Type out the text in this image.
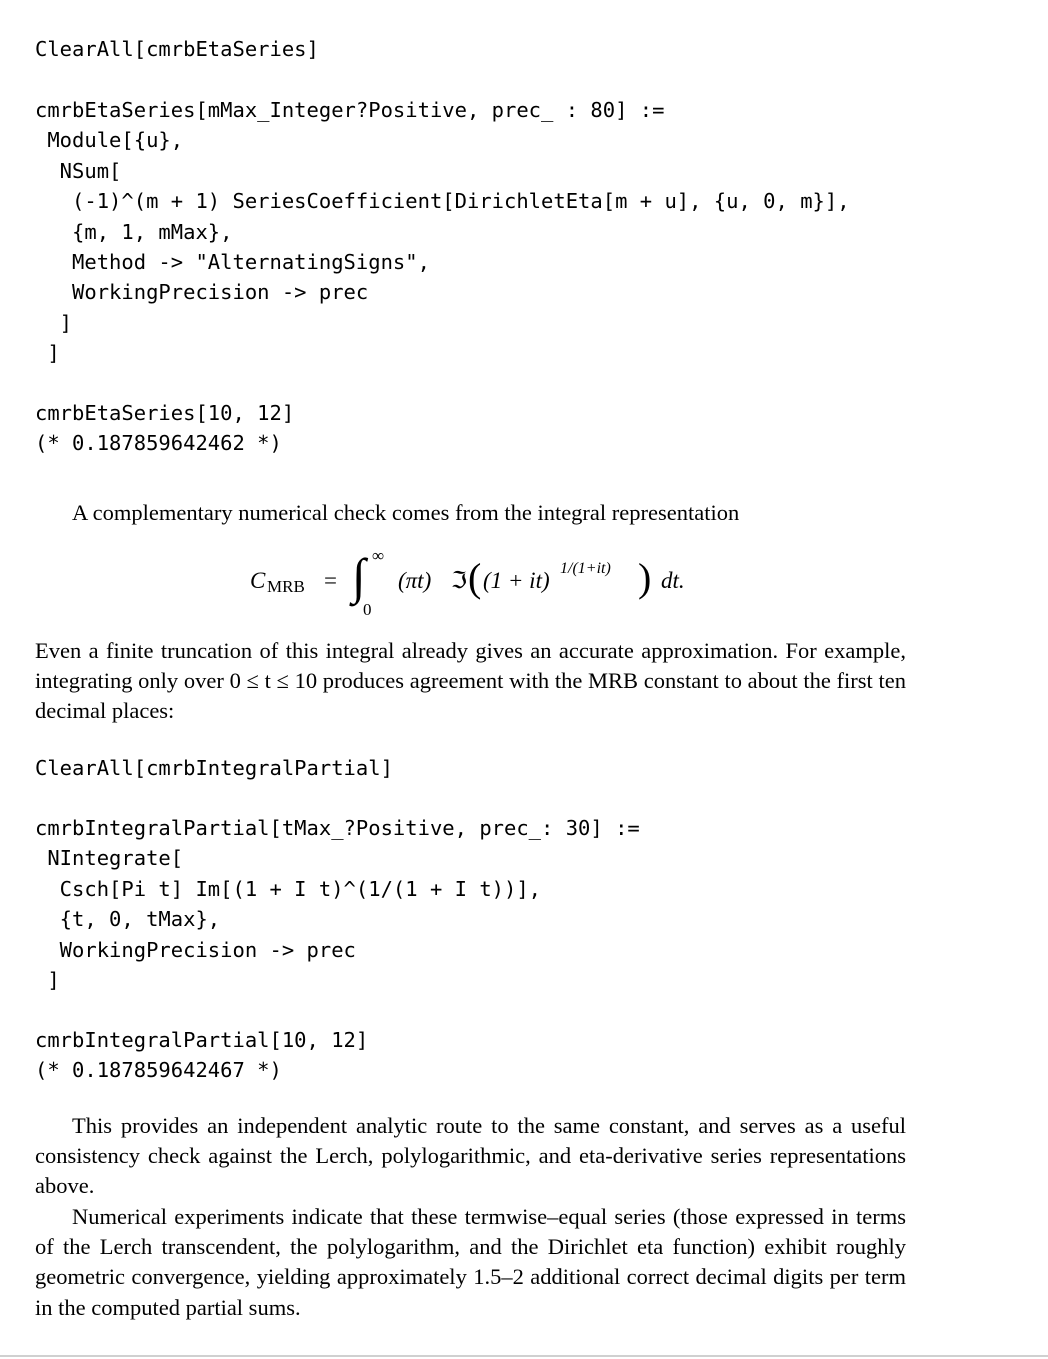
ClearAll[cmrbEtaSeries]
cmrbEtaSeries[mMax_Integer?Positive, prec_ : 80] :=
Module[{u},
NSum[
(-1)^(m + 1) SeriesCoefficient[DirichletEta[m + u], {u, 0, m}],
{m, 1, mMax},
Method -> "AlternatingSigns",
WorkingPrecision -> prec
]
]
cmrbEtaSeries[10, 12]
(* 0.187859642462 *)

A complementary numerical check comes from the integral representation

C MRB = ∫ ∞
0
(πt) ℑ ( (1 + it) 1/(1+it) ) dt.

Even a finite truncation of this integral already gives an accurate approximation. For example, integrating only over 0 ≤ t ≤ 10 produces agreement with the MRB constant to about the first ten decimal places:

ClearAll[cmrbIntegralPartial]
cmrbIntegralPartial[tMax_?Positive, prec_: 30] :=
NIntegrate[
Csch[Pi t] Im[(1 + I t)^(1/(1 + I t))],
{t, 0, tMax},
WorkingPrecision -> prec
]
cmrbIntegralPartial[10, 12]
(* 0.187859642467 *)

This provides an independent analytic route to the same constant, and serves as a useful consistency check against the Lerch, polylogarithmic, and eta-derivative series representations above.

Numerical experiments indicate that these termwise–equal series (those expressed in terms of the Lerch transcendent, the polylogarithm, and the Dirichlet eta function) exhibit roughly geometric convergence, yielding approximately 1.5–2 additional correct decimal digits per term in the computed partial sums.
